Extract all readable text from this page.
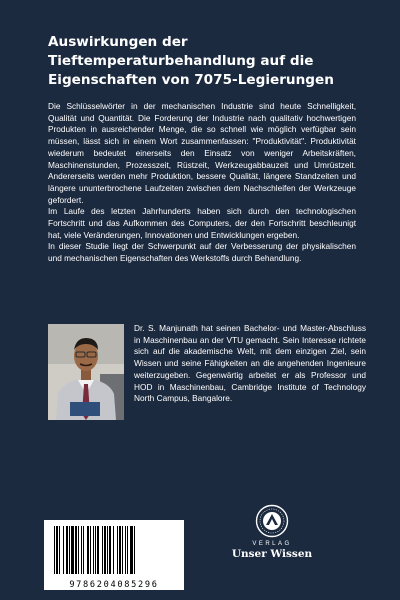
Auswirkungen der Tieftemperaturbehandlung auf die Eigenschaften von 7075-Legierungen

Die Schlüsselwörter in der mechanischen Industrie sind heute Schnelligkeit, Qualität und Quantität. Die Forderung der Industrie nach qualitativ hochwertigen Produkten in ausreichender Menge, die so schnell wie möglich verfügbar sein müssen, lässt sich in einem Wort zusammenfassen: "Produktivität". Produktivität wiederum bedeutet einerseits den Einsatz von weniger Arbeitskräften, Maschinenstunden, Prozesszeit, Rüstzeit, Werkzeugabbauzeit und Umrüstzeit. Andererseits werden mehr Produktion, bessere Qualität, längere Standzeiten und längere ununterbrochene Laufzeiten zwischen dem Nachschleifen der Werkzeuge gefordert.

Im Laufe des letzten Jahrhunderts haben sich durch den technologischen Fortschritt und das Aufkommen des Computers, der den Fortschritt beschleunigt hat, viele Veränderungen, Innovationen und Entwicklungen ergeben.

In dieser Studie liegt der Schwerpunkt auf der Verbesserung der physikalischen und mechanischen Eigenschaften des Werkstoffs durch Behandlung.

Dr. S. Manjunath hat seinen Bachelor- und Master-Abschluss in Maschinenbau an der VTU gemacht. Sein Interesse richtete sich auf die akademische Welt, mit dem einzigen Ziel, sein Wissen und seine Fähigkeiten an die angehenden Ingenieure weiterzugeben. Gegenwärtig arbeitet er als Professor und HOD in Maschinenbau, Cambridge Institute of Technology North Campus, Bangalore.

VERLAG
Unser Wissen
9786204085296
